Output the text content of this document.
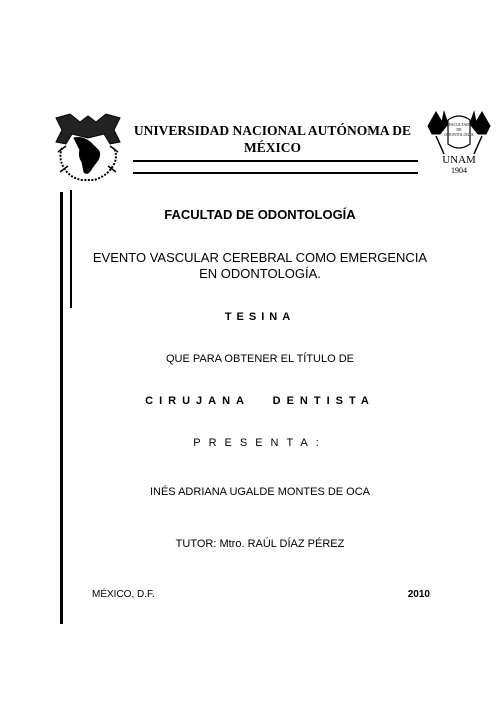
UNIVERSIDAD NACIONAL AUTÓNOMA DE
MÉXICO
FACULTAD
DE
ODONTOLOGÍA
UNAM
1904
FACULTAD DE ODONTOLOGÍA
EVENTO VASCULAR CEREBRAL COMO EMERGENCIA
EN ODONTOLOGÍA.
TESINA
QUE PARA OBTENER EL TÍTULO DE
CIRUJANA DENTISTA
PRESENTA:
INÉS ADRIANA UGALDE MONTES DE OCA
TUTOR: Mtro. RAÚL DÍAZ PÉREZ
MÉXICO, D.F.	2010
